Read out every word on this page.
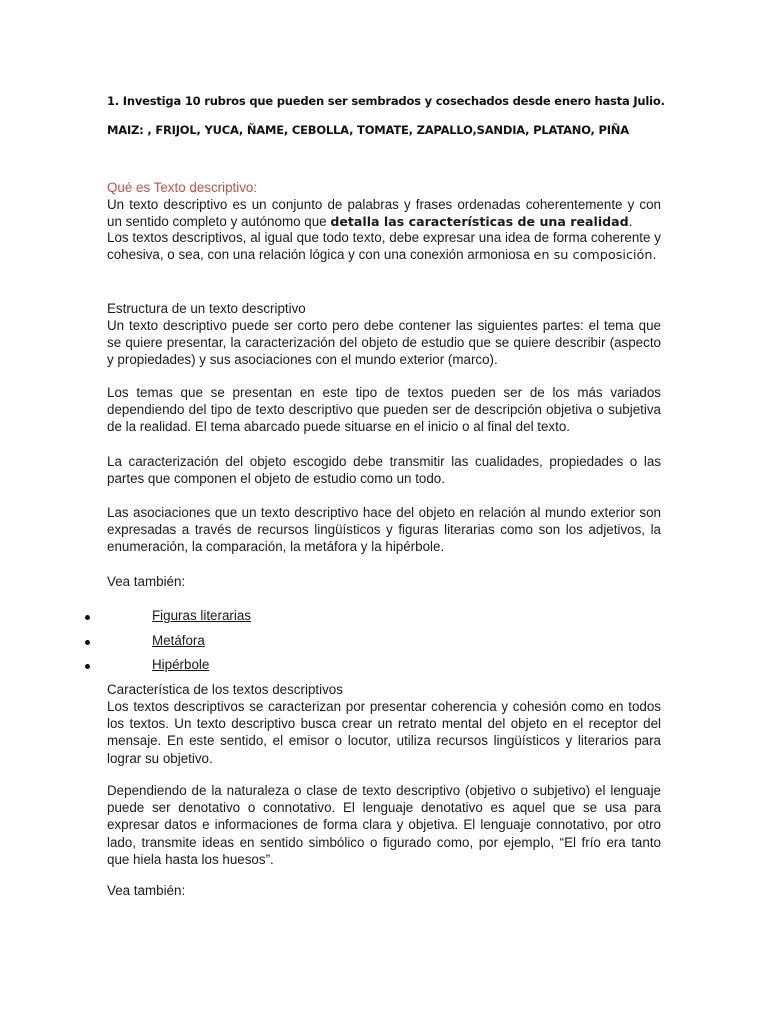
1. Investiga 10 rubros que pueden ser sembrados y cosechados desde enero hasta Julio.
MAIZ: , FRIJOL, YUCA, ÑAME, CEBOLLA, TOMATE, ZAPALLO,SANDIA, PLATANO, PIÑA
Qué es Texto descriptivo:
Un texto descriptivo es un conjunto de palabras y frases ordenadas coherentemente y con un sentido completo y autónomo que detalla las características de una realidad.
Los textos descriptivos, al igual que todo texto, debe expresar una idea de forma coherente y cohesiva, o sea, con una relación lógica y con una conexión armoniosa en su composición.
Estructura de un texto descriptivo
Un texto descriptivo puede ser corto pero debe contener las siguientes partes: el tema que se quiere presentar, la caracterización del objeto de estudio que se quiere describir (aspecto y propiedades) y sus asociaciones con el mundo exterior (marco).
Los temas que se presentan en este tipo de textos pueden ser de los más variados dependiendo del tipo de texto descriptivo que pueden ser de descripción objetiva o subjetiva de la realidad. El tema abarcado puede situarse en el inicio o al final del texto.
La caracterización del objeto escogido debe transmitir las cualidades, propiedades o las partes que componen el objeto de estudio como un todo.
Las asociaciones que un texto descriptivo hace del objeto en relación al mundo exterior son expresadas a través de recursos lingüísticos y figuras literarias como son los adjetivos, la enumeración, la comparación, la metáfora y la hipérbole.
Vea también:
Figuras literarias
Metáfora
Hipérbole
Característica de los textos descriptivos
Los textos descriptivos se caracterizan por presentar coherencia y cohesión como en todos los textos. Un texto descriptivo busca crear un retrato mental del objeto en el receptor del mensaje. En este sentido, el emisor o locutor, utiliza recursos lingüísticos y literarios para lograr su objetivo.
Dependiendo de la naturaleza o clase de texto descriptivo (objetivo o subjetivo) el lenguaje puede ser denotativo o connotativo. El lenguaje denotativo es aquel que se usa para expresar datos e informaciones de forma clara y objetiva. El lenguaje connotativo, por otro lado, transmite ideas en sentido simbólico o figurado como, por ejemplo, “El frío era tanto que hiela hasta los huesos”.
Vea también:
